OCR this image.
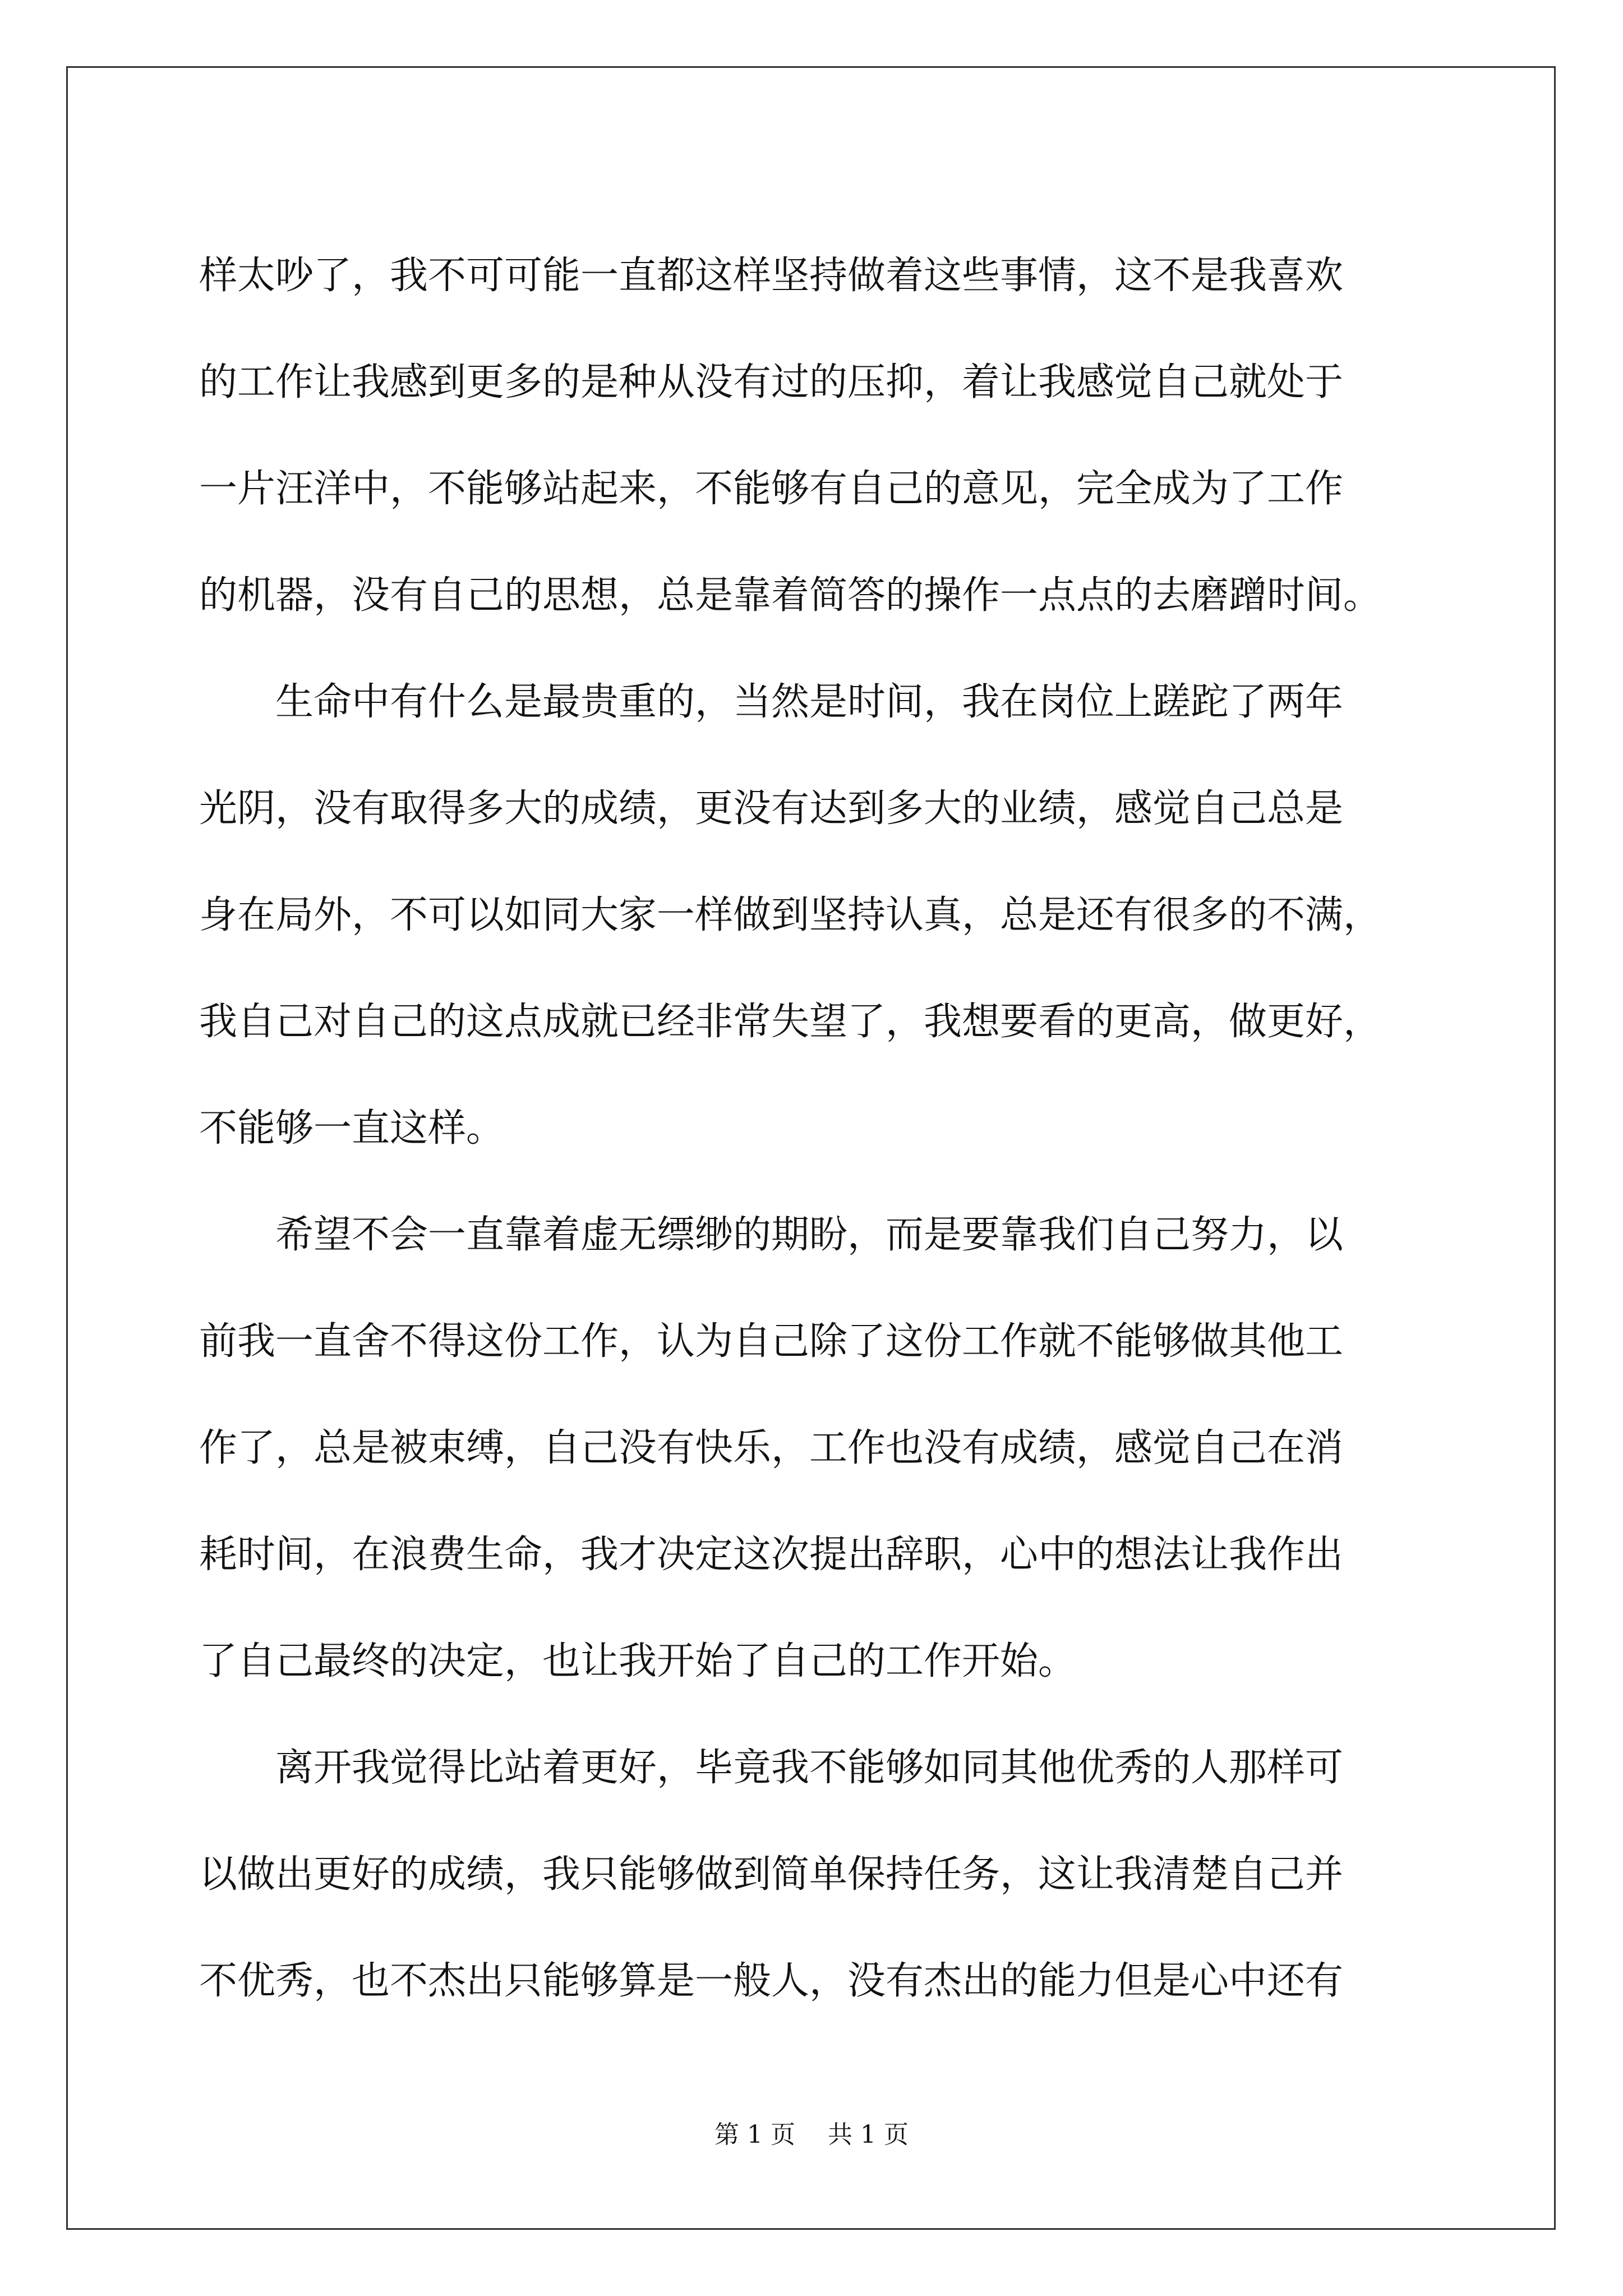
样太吵了，我不可可能一直都这样坚持做着这些事情，这不是我喜欢
的工作让我感到更多的是种从没有过的压抑，着让我感觉自己就处于
一片汪洋中，不能够站起来，不能够有自己的意见，完全成为了工作
的机器，没有自己的思想，总是靠着简答的操作一点点的去磨蹭时间。
　　生命中有什么是最贵重的，当然是时间，我在岗位上蹉跎了两年
光阴，没有取得多大的成绩，更没有达到多大的业绩，感觉自己总是
身在局外，不可以如同大家一样做到坚持认真，总是还有很多的不满，
我自己对自己的这点成就已经非常失望了，我想要看的更高，做更好，
不能够一直这样。
　　希望不会一直靠着虚无缥缈的期盼，而是要靠我们自己努力，以
前我一直舍不得这份工作，认为自己除了这份工作就不能够做其他工
作了，总是被束缚，自己没有快乐，工作也没有成绩，感觉自己在消
耗时间，在浪费生命，我才决定这次提出辞职，心中的想法让我作出
了自己最终的决定，也让我开始了自己的工作开始。
　　离开我觉得比站着更好，毕竟我不能够如同其他优秀的人那样可
以做出更好的成绩，我只能够做到简单保持任务，这让我清楚自己并
不优秀，也不杰出只能够算是一般人，没有杰出的能力但是心中还有
第 1 页　 共 1 页
